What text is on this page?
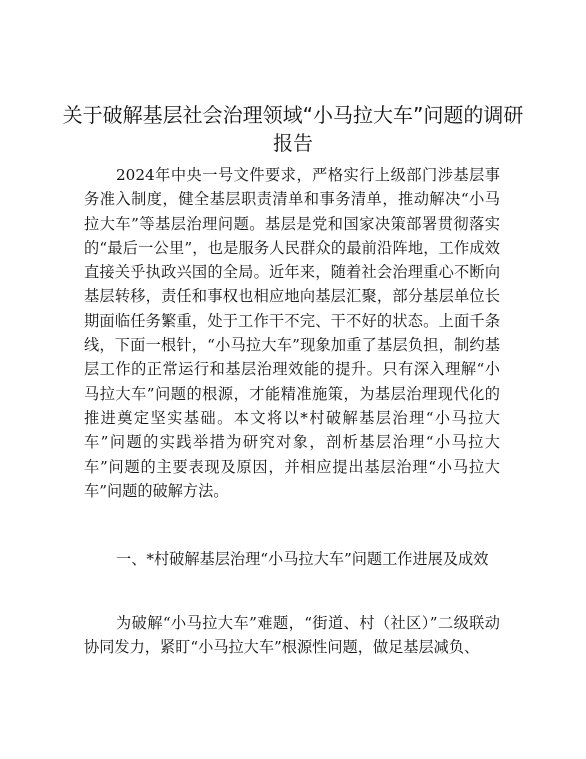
关于破解基层社会治理领域“小马拉大车”问题的调研报告

2024年中央一号文件要求，严格实行上级部门涉基层事务准入制度，健全基层职责清单和事务清单，推动解决“小马拉大车”等基层治理问题。基层是党和国家决策部署贯彻落实的“最后一公里”，也是服务人民群众的最前沿阵地，工作成效直接关乎执政兴国的全局。近年来，随着社会治理重心不断向基层转移，责任和事权也相应地向基层汇聚，部分基层单位长期面临任务繁重，处于工作干不完、干不好的状态。上面千条线，下面一根针，“小马拉大车”现象加重了基层负担，制约基层工作的正常运行和基层治理效能的提升。只有深入理解“小马拉大车”问题的根源，才能精准施策，为基层治理现代化的推进奠定坚实基础。本文将以*村破解基层治理“小马拉大车”问题的实践举措为研究对象，剖析基层治理“小马拉大车”问题的主要表现及原因，并相应提出基层治理“小马拉大车”问题的破解方法。

一、*村破解基层治理“小马拉大车”问题工作进展及成效

为破解“小马拉大车”难题，“街道、村（社区）”二级联动协同发力，紧盯“小马拉大车”根源性问题，做足基层减负、
